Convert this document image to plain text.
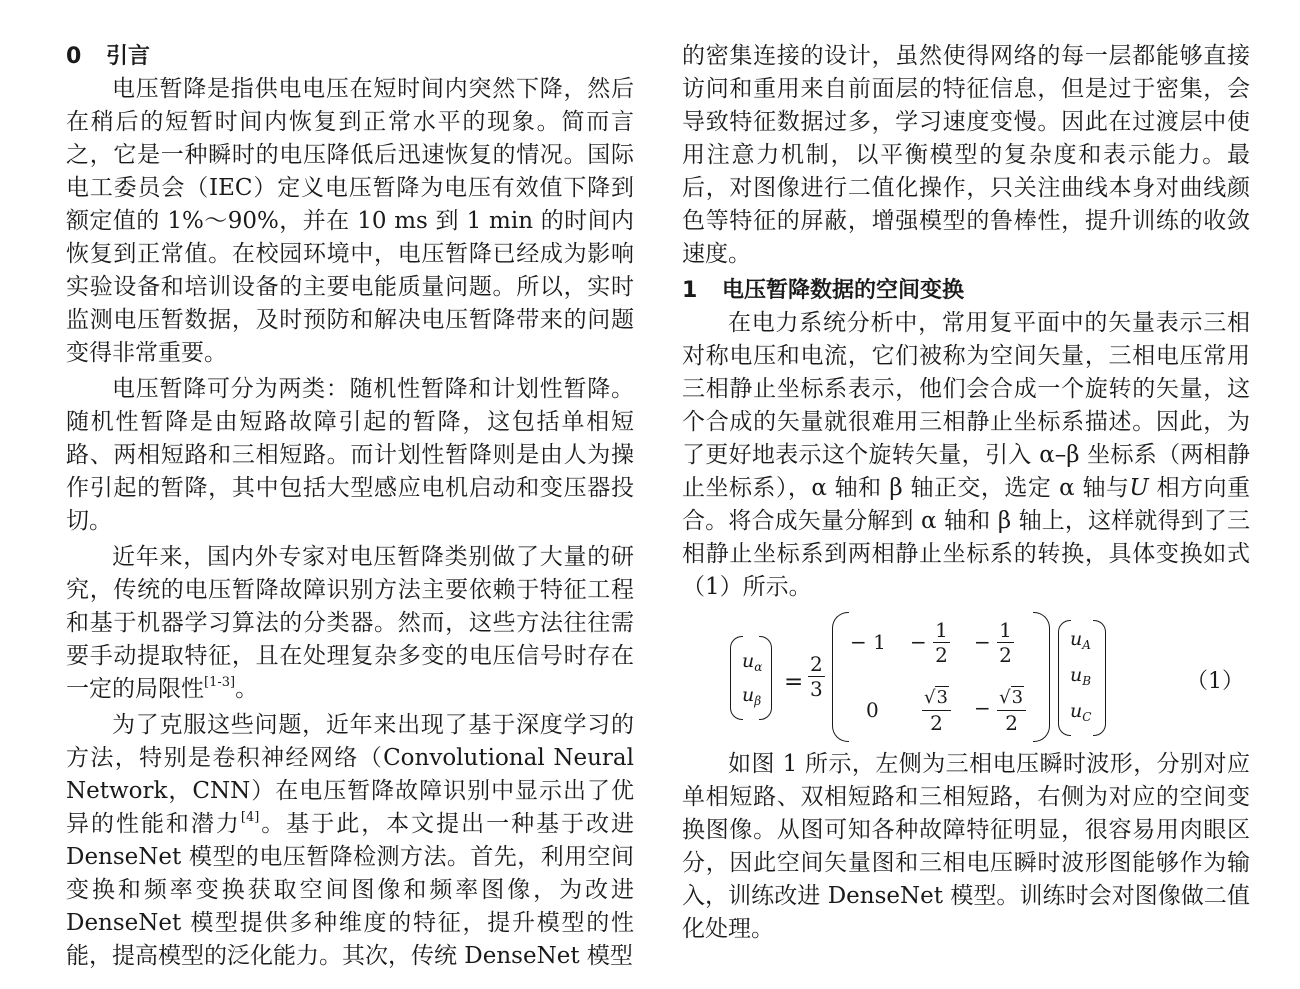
0 引言

电压暂降是指供电电压在短时间内突然下降，然后在稍后的短暂时间内恢复到正常水平的现象。简而言之，它是一种瞬时的电压降低后迅速恢复的情况。国际电工委员会（IEC）定义电压暂降为电压有效值下降到额定值的 1%～90%，并在 10 ms 到 1 min 的时间内恢复到正常值。在校园环境中，电压暂降已经成为影响实验设备和培训设备的主要电能质量问题。所以，实时监测电压暂数据，及时预防和解决电压暂降带来的问题变得非常重要。

电压暂降可分为两类：随机性暂降和计划性暂降。随机性暂降是由短路故障引起的暂降，这包括单相短路、两相短路和三相短路。而计划性暂降则是由人为操作引起的暂降，其中包括大型感应电机启动和变压器投切。

近年来，国内外专家对电压暂降类别做了大量的研究，传统的电压暂降故障识别方法主要依赖于特征工程和基于机器学习算法的分类器。然而，这些方法往往需要手动提取特征，且在处理复杂多变的电压信号时存在一定的局限性[1-3]。

为了克服这些问题，近年来出现了基于深度学习的方法，特别是卷积神经网络（Convolutional Neural Network，CNN）在电压暂降故障识别中显示出了优异的性能和潜力[4]。基于此，本文提出一种基于改进 DenseNet 模型的电压暂降检测方法。首先，利用空间变换和频率变换获取空间图像和频率图像，为改进 DenseNet 模型提供多种维度的特征，提升模型的性能，提高模型的泛化能力。其次，传统 DenseNet 模型

的密集连接的设计，虽然使得网络的每一层都能够直接访问和重用来自前面层的特征信息，但是过于密集，会导致特征数据过多，学习速度变慢。因此在过渡层中使用注意力机制，以平衡模型的复杂度和表示能力。最后，对图像进行二值化操作，只关注曲线本身对曲线颜色等特征的屏蔽，增强模型的鲁棒性，提升训练的收敛速度。

1 电压暂降数据的空间变换

在电力系统分析中，常用复平面中的矢量表示三相对称电压和电流，它们被称为空间矢量，三相电压常用三相静止坐标系表示，他们会合成一个旋转的矢量，这个合成的矢量就很难用三相静止坐标系描述。因此，为了更好地表示这个旋转矢量，引入 α–β 坐标系（两相静止坐标系），α 轴和 β 轴正交，选定 α 轴与U 相方向重合。将合成矢量分解到 α 轴和 β 轴上，这样就得到了三相静止坐标系到两相静止坐标系的转换，具体变换如式（1）所示。

$u_\alpha$
$u_\beta$
= $\frac{2}{3}$
− $1 - \frac{1}{2} - \frac{1}{2}$
$0 \frac{√3}{2} - \frac{√3}{2}$
$u_A$
$u_B$
$u_C$
（1）

如图 1 所示，左侧为三相电压瞬时波形，分别对应单相短路、双相短路和三相短路，右侧为对应的空间变换图像。从图可知各种故障特征明显，很容易用肉眼区分，因此空间矢量图和三相电压瞬时波形图能够作为输入，训练改进 DenseNet 模型。训练时会对图像做二值化处理。
